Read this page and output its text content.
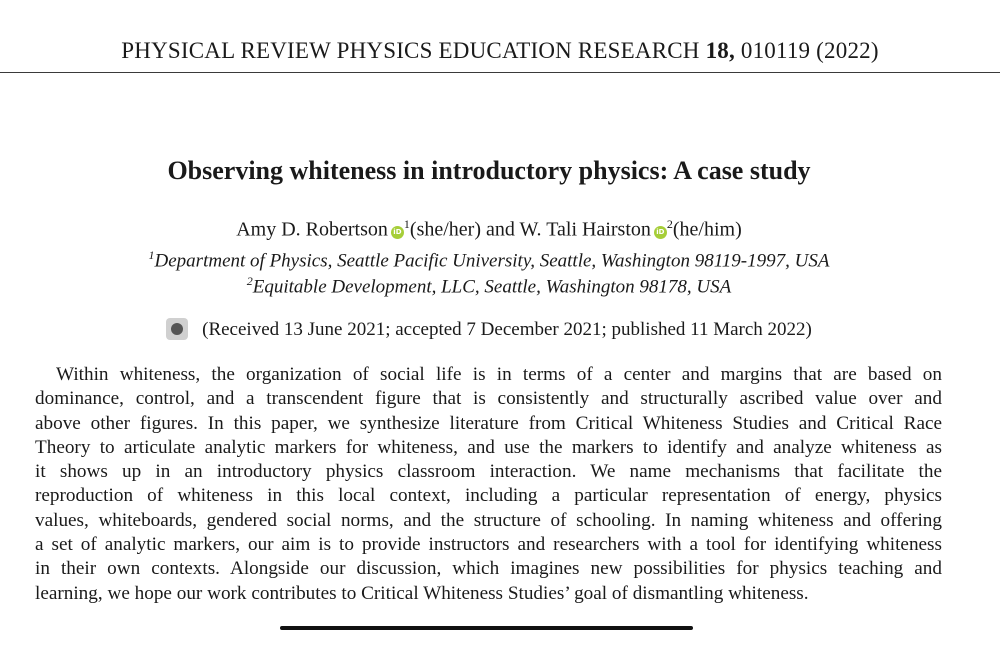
PHYSICAL REVIEW PHYSICS EDUCATION RESEARCH 18, 010119 (2022)
Observing whiteness in introductory physics: A case study
Amy D. Robertson $iD^1(she/her)$ and W. Tali Hairston $iD^2(he/him)$
$^1$Department of Physics, Seattle Pacific University, Seattle, Washington 98119-1997, USA
$^2$Equitable Development, LLC, Seattle, Washington 98178, USA
(Received 13 June 2021; accepted 7 December 2021; published 11 March 2022)
Within whiteness, the organization of social life is in terms of a center and margins that are based on
dominance, control, and a transcendent figure that is consistently and structurally ascribed value over and
above other figures. In this paper, we synthesize literature from Critical Whiteness Studies and Critical Race
Theory to articulate analytic markers for whiteness, and use the markers to identify and analyze whiteness as
it shows up in an introductory physics classroom interaction. We name mechanisms that facilitate the
reproduction of whiteness in this local context, including a particular representation of energy, physics
values, whiteboards, gendered social norms, and the structure of schooling. In naming whiteness and offering
a set of analytic markers, our aim is to provide instructors and researchers with a tool for identifying whiteness
in their own contexts. Alongside our discussion, which imagines new possibilities for physics teaching and
learning, we hope our work contributes to Critical Whiteness Studies’ goal of dismantling whiteness.
